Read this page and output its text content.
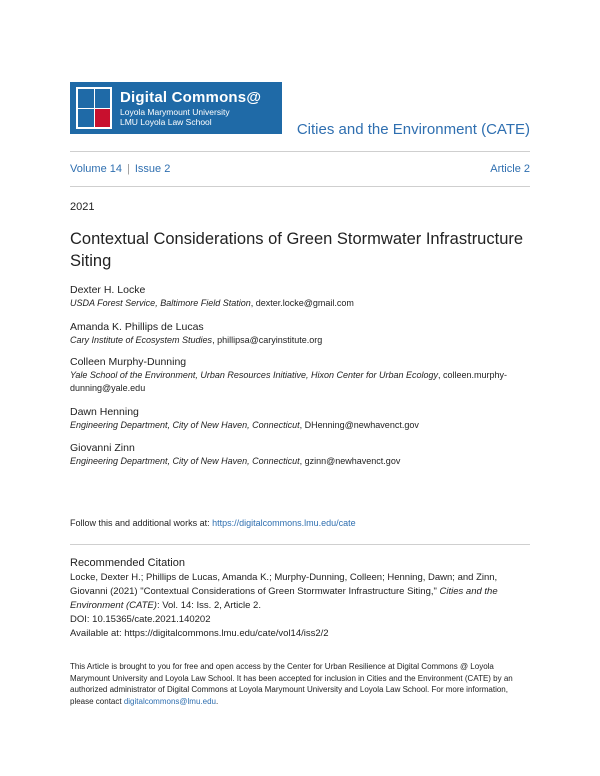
Digital Commons@
Loyola Marymount University
LMU Loyola Law School	Cities and the Environment (CATE)
Volume 14 | Issue 2	Article 2
2021
Contextual Considerations of Green Stormwater Infrastructure Siting
Dexter H. Locke
USDA Forest Service, Baltimore Field Station, dexter.locke@gmail.com
Amanda K. Phillips de Lucas
Cary Institute of Ecosystem Studies, phillipsa@caryinstitute.org
Colleen Murphy-Dunning
Yale School of the Environment, Urban Resources Initiative, Hixon Center for Urban Ecology, colleen.murphy-dunning@yale.edu
Dawn Henning
Engineering Department, City of New Haven, Connecticut, DHenning@newhavenct.gov
Giovanni Zinn
Engineering Department, City of New Haven, Connecticut, gzinn@newhavenct.gov
Follow this and additional works at: https://digitalcommons.lmu.edu/cate
Recommended Citation
Locke, Dexter H.; Phillips de Lucas, Amanda K.; Murphy-Dunning, Colleen; Henning, Dawn; and Zinn, Giovanni (2021) "Contextual Considerations of Green Stormwater Infrastructure Siting," Cities and the Environment (CATE): Vol. 14: Iss. 2, Article 2.
DOI: 10.15365/cate.2021.140202
Available at: https://digitalcommons.lmu.edu/cate/vol14/iss2/2
This Article is brought to you for free and open access by the Center for Urban Resilience at Digital Commons @ Loyola Marymount University and Loyola Law School. It has been accepted for inclusion in Cities and the Environment (CATE) by an authorized administrator of Digital Commons at Loyola Marymount University and Loyola Law School. For more information, please contact digitalcommons@lmu.edu.
